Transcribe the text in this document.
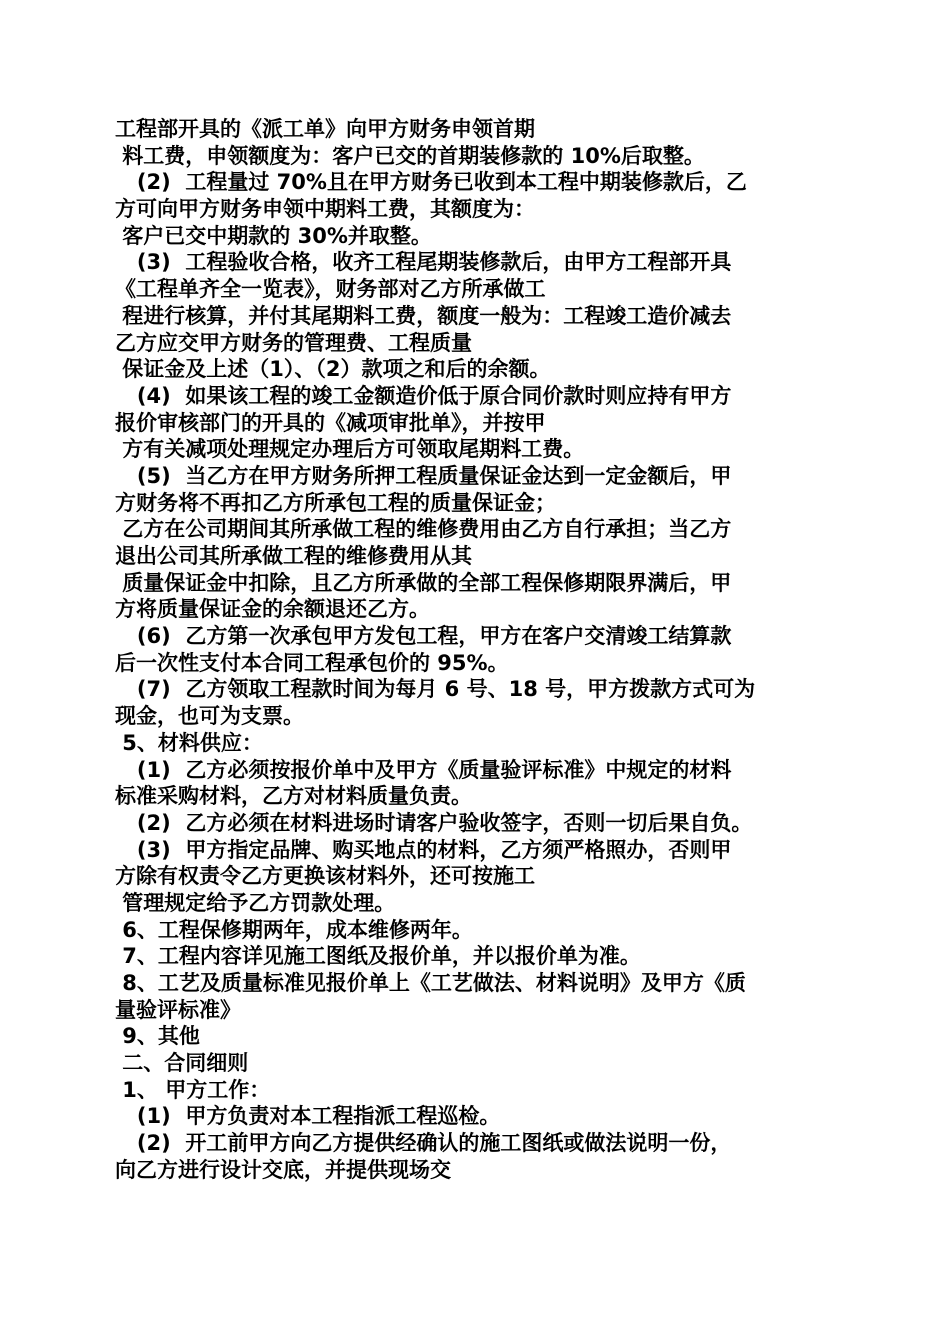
工程部开具的《派工单》向甲方财务申领首期
料工费，申领额度为：客户已交的首期装修款的 10%后取整。
(2)  工程量过 70%且在甲方财务已收到本工程中期装修款后，乙
方可向甲方财务申领中期料工费，其额度为：
客户已交中期款的 30%并取整。
(3)  工程验收合格，收齐工程尾期装修款后，由甲方工程部开具
《工程单齐全一览表》，财务部对乙方所承做工
程进行核算，并付其尾期料工费，额度一般为：工程竣工造价减去
乙方应交甲方财务的管理费、工程质量
保证金及上述（1）、（2）款项之和后的余额。
(4)  如果该工程的竣工金额造价低于原合同价款时则应持有甲方
报价审核部门的开具的《减项审批单》，并按甲
方有关减项处理规定办理后方可领取尾期料工费。
(5)  当乙方在甲方财务所押工程质量保证金达到一定金额后，甲
方财务将不再扣乙方所承包工程的质量保证金；
乙方在公司期间其所承做工程的维修费用由乙方自行承担；当乙方
退出公司其所承做工程的维修费用从其
质量保证金中扣除，且乙方所承做的全部工程保修期限界满后，甲
方将质量保证金的余额退还乙方。
(6)  乙方第一次承包甲方发包工程，甲方在客户交清竣工结算款
后一次性支付本合同工程承包价的 95%。
(7)  乙方领取工程款时间为每月 6 号、18 号，甲方拨款方式可为
现金，也可为支票。
5、材料供应：
(1)  乙方必须按报价单中及甲方《质量验评标准》中规定的材料
标准采购材料，乙方对材料质量负责。
(2)  乙方必须在材料进场时请客户验收签字，否则一切后果自负。
(3)  甲方指定品牌、购买地点的材料，乙方须严格照办，否则甲
方除有权责令乙方更换该材料外，还可按施工
管理规定给予乙方罚款处理。
6、工程保修期两年，成本维修两年。
7、工程内容详见施工图纸及报价单，并以报价单为准。
8、工艺及质量标准见报价单上《工艺做法、材料说明》及甲方《质
量验评标准》
9、其他
二、合同细则
1、 甲方工作：
(1)  甲方负责对本工程指派工程巡检。
(2)  开工前甲方向乙方提供经确认的施工图纸或做法说明一份，
向乙方进行设计交底，并提供现场交
